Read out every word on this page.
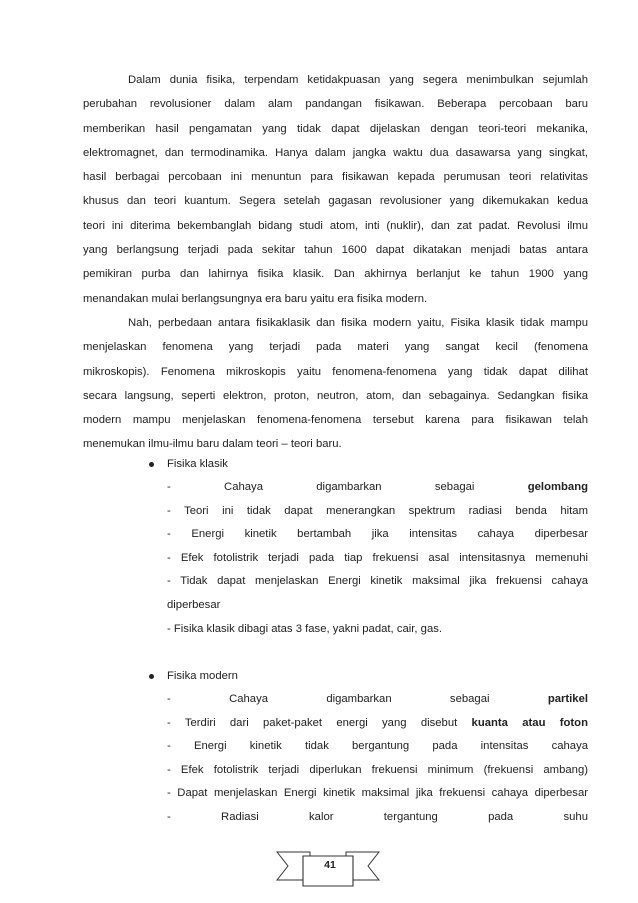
Dalam dunia fisika, terpendam ketidakpuasan yang segera menimbulkan sejumlah
perubahan revolusioner dalam alam pandangan fisikawan. Beberapa percobaan baru
memberikan hasil pengamatan yang tidak dapat dijelaskan dengan teori-teori mekanika,
elektromagnet, dan termodinamika. Hanya dalam jangka waktu dua dasawarsa yang singkat,
hasil berbagai percobaan ini menuntun para fisikawan kepada perumusan teori relativitas
khusus dan teori kuantum. Segera setelah gagasan revolusioner yang dikemukakan kedua
teori ini diterima bekembanglah bidang studi atom, inti (nuklir), dan zat padat. Revolusi ilmu
yang berlangsung terjadi pada sekitar tahun 1600 dapat dikatakan menjadi batas antara
pemikiran purba dan lahirnya fisika klasik. Dan akhirnya berlanjut ke tahun 1900 yang
menandakan mulai berlangsungnya era baru yaitu era fisika modern.
Nah, perbedaan antara fisikaklasik dan fisika modern yaitu, Fisika klasik tidak mampu
menjelaskan fenomena yang terjadi pada materi yang sangat kecil (fenomena
mikroskopis). Fenomena mikroskopis yaitu fenomena-fenomena yang tidak dapat dilihat
secara langsung, seperti elektron, proton, neutron, atom, dan sebagainya. Sedangkan fisika
modern mampu menjelaskan fenomena-fenomena tersebut karena para fisikawan telah
menemukan ilmu-ilmu baru dalam teori – teori baru.
Fisika klasik
- Cahaya digambarkan sebagai	gelombang
- Teori ini tidak dapat menerangkan spektrum radiasi benda hitam
- Energi kinetik bertambah jika intensitas cahaya diperbesar
- Efek fotolistrik terjadi pada tiap frekuensi asal intensitasnya memenuhi
- Tidak dapat menjelaskan Energi kinetik maksimal jika frekuensi cahaya
diperbesar
- Fisika klasik dibagi atas 3 fase, yakni padat, cair, gas.
Fisika modern
- Cahaya digambarkan sebagai	partikel
- Terdiri dari paket-paket energi yang disebut kuanta atau foton
- Energi kinetik tidak bergantung pada intensitas cahaya
- Efek fotolistrik terjadi diperlukan frekuensi minimum (frekuensi ambang)
- Dapat menjelaskan Energi kinetik maksimal jika frekuensi cahaya diperbesar
- Radiasi kalor tergantung pada suhu
41
